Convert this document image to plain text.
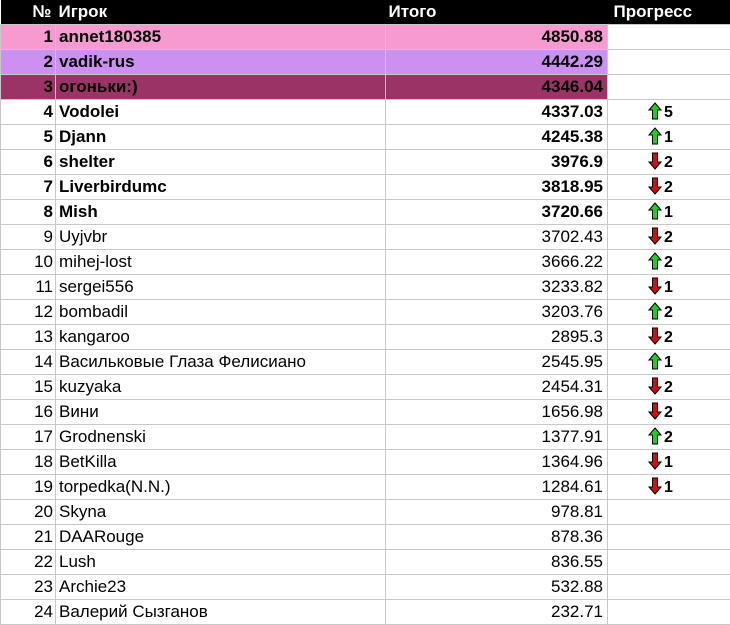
№	Игрок	Итого	Прогресс
1	annet180385	4850.88	
2	vadik-rus	4442.29	
3	огоньки:)	4346.04	
4	Vodolei	4337.03	5
5	Djann	4245.38	1
6	shelter	3976.9	2
7	Liverbirdumc	3818.95	2
8	Mish	3720.66	1
9	Uyjvbr	3702.43	2
10	mihej-lost	3666.22	2
11	sergei556	3233.82	1
12	bombadil	3203.76	2
13	kangaroo	2895.3	2
14	Васильковые Глаза Фелисиано	2545.95	1
15	kuzyaka	2454.31	2
16	Вини	1656.98	2
17	Grodnenski	1377.91	2
18	BetKilla	1364.96	1
19	torpedka(N.N.)	1284.61	1
20	Skyna	978.81	
21	DAARouge	878.36	
22	Lush	836.55	
23	Archie23	532.88	
24	Валерий Сызганов	232.71	
